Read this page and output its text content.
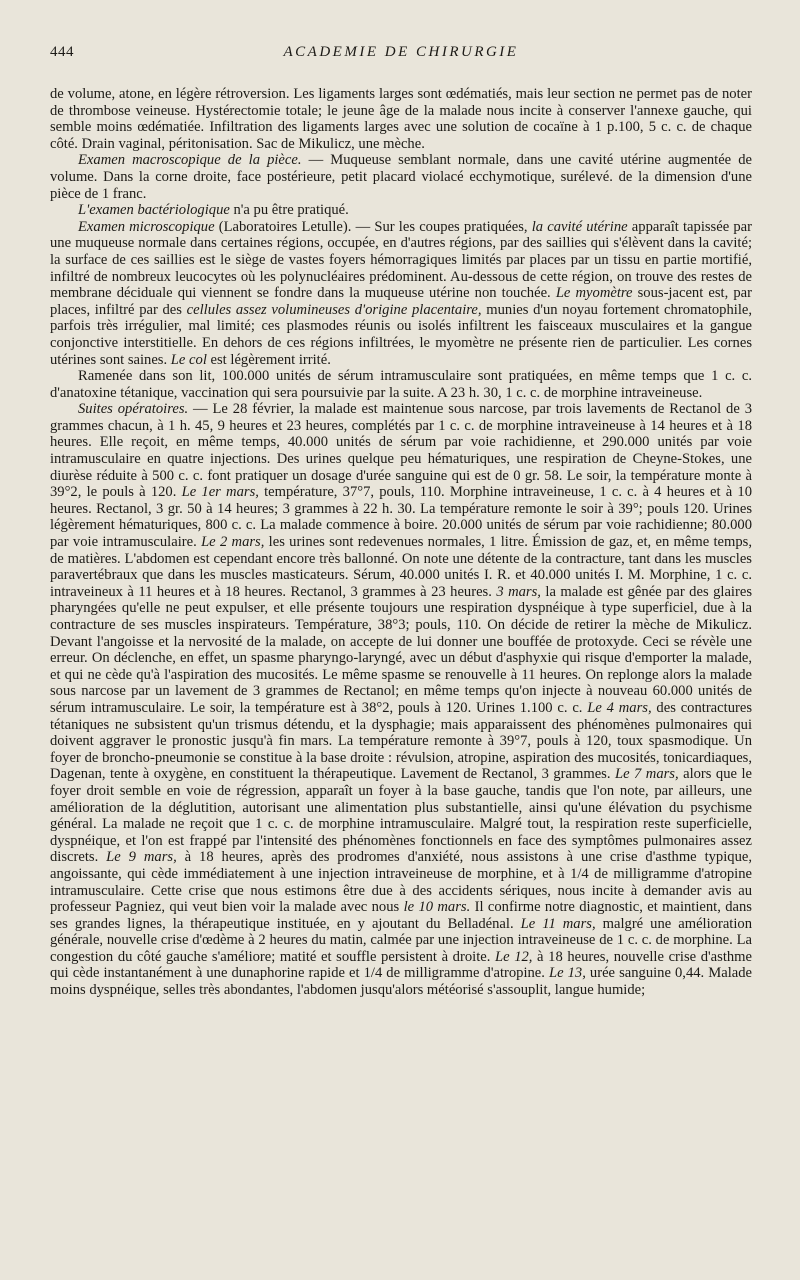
444	ACADEMIE DE CHIRURGIE

de volume, atone, en légère rétroversion. Les ligaments larges sont œdématiés, mais leur section ne permet pas de noter de thrombose veineuse. Hystérectomie totale; le jeune âge de la malade nous incite à conserver l'annexe gauche, qui semble moins œdématiée. Infiltration des ligaments larges avec une solution de cocaïne à 1 p.100, 5 c. c. de chaque côté. Drain vaginal, péritonisation. Sac de Mikulicz, une mèche.

Examen macroscopique de la pièce. — Muqueuse semblant normale, dans une cavité utérine augmentée de volume. Dans la corne droite, face postérieure, petit placard violacé ecchymotique, surélevé. de la dimension d'une pièce de 1 franc.

L'examen bactériologique n'a pu être pratiqué.

Examen microscopique (Laboratoires Letulle). — Sur les coupes pratiquées, la cavité utérine apparaît tapissée par une muqueuse normale dans certaines régions, occupée, en d'autres régions, par des saillies qui s'élèvent dans la cavité; la surface de ces saillies est le siège de vastes foyers hémorragiques limités par places par un tissu en partie mortifié, infiltré de nombreux leucocytes où les polynucléaires prédominent. Au-dessous de cette région, on trouve des restes de membrane déciduale qui viennent se fondre dans la muqueuse utérine non touchée. Le myomètre sous-jacent est, par places, infiltré par des cellules assez volumineuses d'origine placentaire, munies d'un noyau fortement chromatophile, parfois très irrégulier, mal limité; ces plasmodes réunis ou isolés infiltrent les faisceaux musculaires et la gangue conjonctive interstitielle. En dehors de ces régions infiltrées, le myomètre ne présente rien de particulier. Les cornes utérines sont saines. Le col est légèrement irrité.

Ramenée dans son lit, 100.000 unités de sérum intramusculaire sont pratiquées, en même temps que 1 c. c. d'anatoxine tétanique, vaccination qui sera poursuivie par la suite. A 23 h. 30, 1 c. c. de morphine intraveineuse.

Suites opératoires. — Le 28 février, la malade est maintenue sous narcose, par trois lavements de Rectanol de 3 grammes chacun, à 1 h. 45, 9 heures et 23 heures, complétés par 1 c. c. de morphine intraveineuse à 14 heures et à 18 heures. Elle reçoit, en même temps, 40.000 unités de sérum par voie rachidienne, et 290.000 unités par voie intramusculaire en quatre injections. Des urines quelque peu hématuriques, une respiration de Cheyne-Stokes, une diurèse réduite à 500 c. c. font pratiquer un dosage d'urée sanguine qui est de 0 gr. 58. Le soir, la température monte à 39°2, le pouls à 120. Le 1er mars, température, 37°7, pouls, 110. Morphine intraveineuse, 1 c. c. à 4 heures et à 10 heures. Rectanol, 3 gr. 50 à 14 heures; 3 grammes à 22 h. 30. La température remonte le soir à 39°; pouls 120. Urines légèrement hématuriques, 800 c. c. La malade commence à boire. 20.000 unités de sérum par voie rachidienne; 80.000 par voie intramusculaire. Le 2 mars, les urines sont redevenues normales, 1 litre. Émission de gaz, et, en même temps, de matières. L'abdomen est cependant encore très ballonné. On note une détente de la contracture, tant dans les muscles paravertébraux que dans les muscles masticateurs. Sérum, 40.000 unités I. R. et 40.000 unités I. M. Morphine, 1 c. c. intraveineux à 11 heures et à 18 heures. Rectanol, 3 grammes à 23 heures. 3 mars, la malade est gênée par des glaires pharyngées qu'elle ne peut expulser, et elle présente toujours une respiration dyspnéique à type superficiel, due à la contracture de ses muscles inspirateurs. Température, 38°3; pouls, 110. On décide de retirer la mèche de Mikulicz. Devant l'angoisse et la nervosité de la malade, on accepte de lui donner une bouffée de protoxyde. Ceci se révèle une erreur. On déclenche, en effet, un spasme pharyngo-laryngé, avec un début d'asphyxie qui risque d'emporter la malade, et qui ne cède qu'à l'aspiration des mucosités. Le même spasme se renouvelle à 11 heures. On replonge alors la malade sous narcose par un lavement de 3 grammes de Rectanol; en même temps qu'on injecte à nouveau 60.000 unités de sérum intramusculaire. Le soir, la température est à 38°2, pouls à 120. Urines 1.100 c. c. Le 4 mars, des contractures tétaniques ne subsistent qu'un trismus détendu, et la dysphagie; mais apparaissent des phénomènes pulmonaires qui doivent aggraver le pronostic jusqu'à fin mars. La température remonte à 39°7, pouls à 120, toux spasmodique. Un foyer de broncho-pneumonie se constitue à la base droite : révulsion, atropine, aspiration des mucosités, tonicardiaques, Dagenan, tente à oxygène, en constituent la thérapeutique. Lavement de Rectanol, 3 grammes. Le 7 mars, alors que le foyer droit semble en voie de régression, apparaît un foyer à la base gauche, tandis que l'on note, par ailleurs, une amélioration de la déglutition, autorisant une alimentation plus substantielle, ainsi qu'une élévation du psychisme général. La malade ne reçoit que 1 c. c. de morphine intramusculaire. Malgré tout, la respiration reste superficielle, dyspnéique, et l'on est frappé par l'intensité des phénomènes fonctionnels en face des symptômes pulmonaires assez discrets. Le 9 mars, à 18 heures, après des prodromes d'anxiété, nous assistons à une crise d'asthme typique, angoissante, qui cède immédiatement à une injection intraveineuse de morphine, et à 1/4 de milligramme d'atropine intramusculaire. Cette crise que nous estimons être due à des accidents sériques, nous incite à demander avis au professeur Pagniez, qui veut bien voir la malade avec nous le 10 mars. Il confirme notre diagnostic, et maintient, dans ses grandes lignes, la thérapeutique instituée, en y ajoutant du Belladénal. Le 11 mars, malgré une amélioration générale, nouvelle crise d'œdème à 2 heures du matin, calmée par une injection intraveineuse de 1 c. c. de morphine. La congestion du côté gauche s'améliore; matité et souffle persistent à droite. Le 12, à 18 heures, nouvelle crise d'asthme qui cède instantanément à une dunaphorine rapide et 1/4 de milligramme d'atropine. Le 13, urée sanguine 0,44. Malade moins dyspnéique, selles très abondantes, l'abdomen jusqu'alors météorisé s'assouplit, langue humide;
